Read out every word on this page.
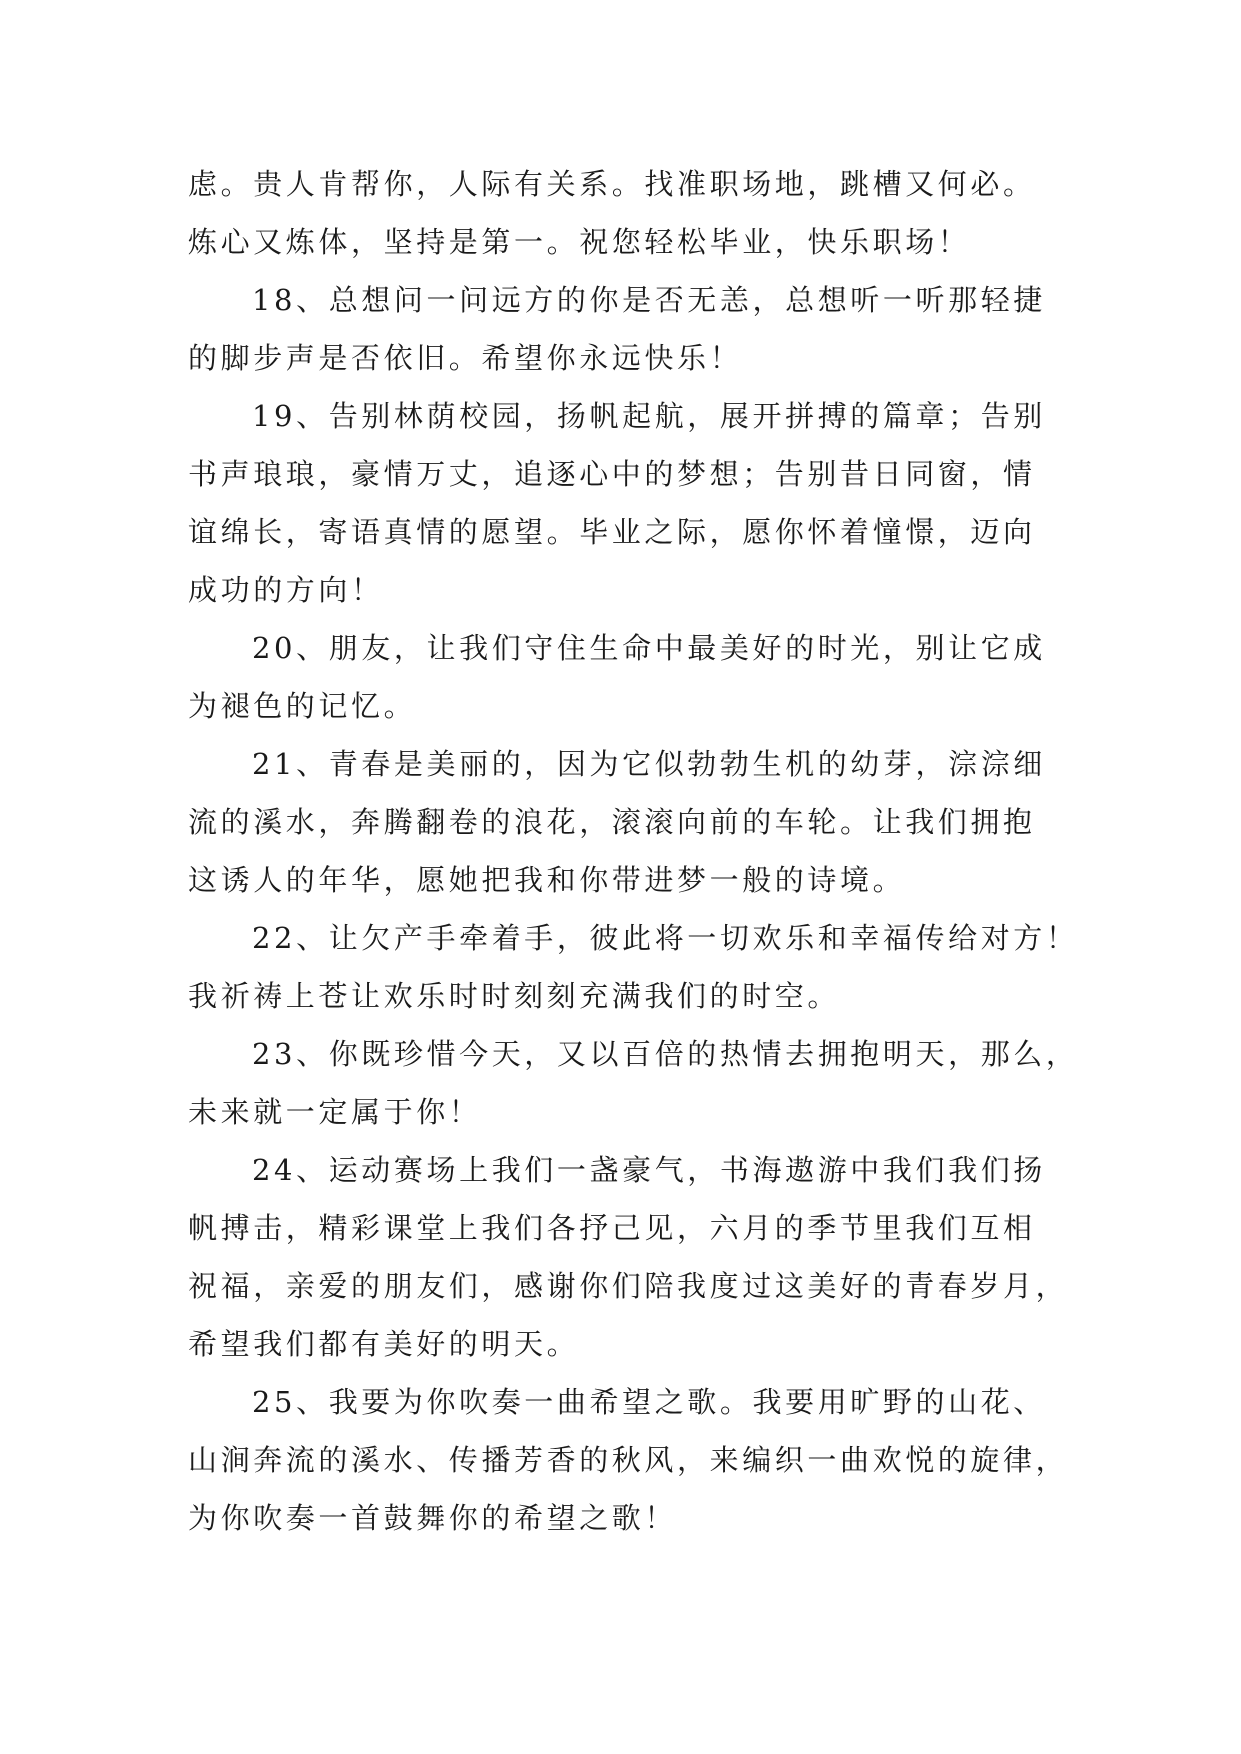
虑。贵人肯帮你，人际有关系。找准职场地，跳槽又何必。
炼心又炼体，坚持是第一。祝您轻松毕业，快乐职场！
18、总想问一问远方的你是否无恙，总想听一听那轻捷
的脚步声是否依旧。希望你永远快乐！
19、告别林荫校园，扬帆起航，展开拼搏的篇章；告别
书声琅琅，豪情万丈，追逐心中的梦想；告别昔日同窗，情
谊绵长，寄语真情的愿望。毕业之际，愿你怀着憧憬，迈向
成功的方向！
20、朋友，让我们守住生命中最美好的时光，别让它成
为褪色的记忆。
21、青春是美丽的，因为它似勃勃生机的幼芽，淙淙细
流的溪水，奔腾翻卷的浪花，滚滚向前的车轮。让我们拥抱
这诱人的年华，愿她把我和你带进梦一般的诗境。
22、让欠产手牵着手，彼此将一切欢乐和幸福传给对方！
我祈祷上苍让欢乐时时刻刻充满我们的时空。
23、你既珍惜今天，又以百倍的热情去拥抱明天，那么，
未来就一定属于你！
24、运动赛场上我们一盏豪气，书海遨游中我们我们扬
帆搏击，精彩课堂上我们各抒己见，六月的季节里我们互相
祝福，亲爱的朋友们，感谢你们陪我度过这美好的青春岁月，
希望我们都有美好的明天。
25、我要为你吹奏一曲希望之歌。我要用旷野的山花、
山涧奔流的溪水、传播芳香的秋风，来编织一曲欢悦的旋律，
为你吹奏一首鼓舞你的希望之歌！
